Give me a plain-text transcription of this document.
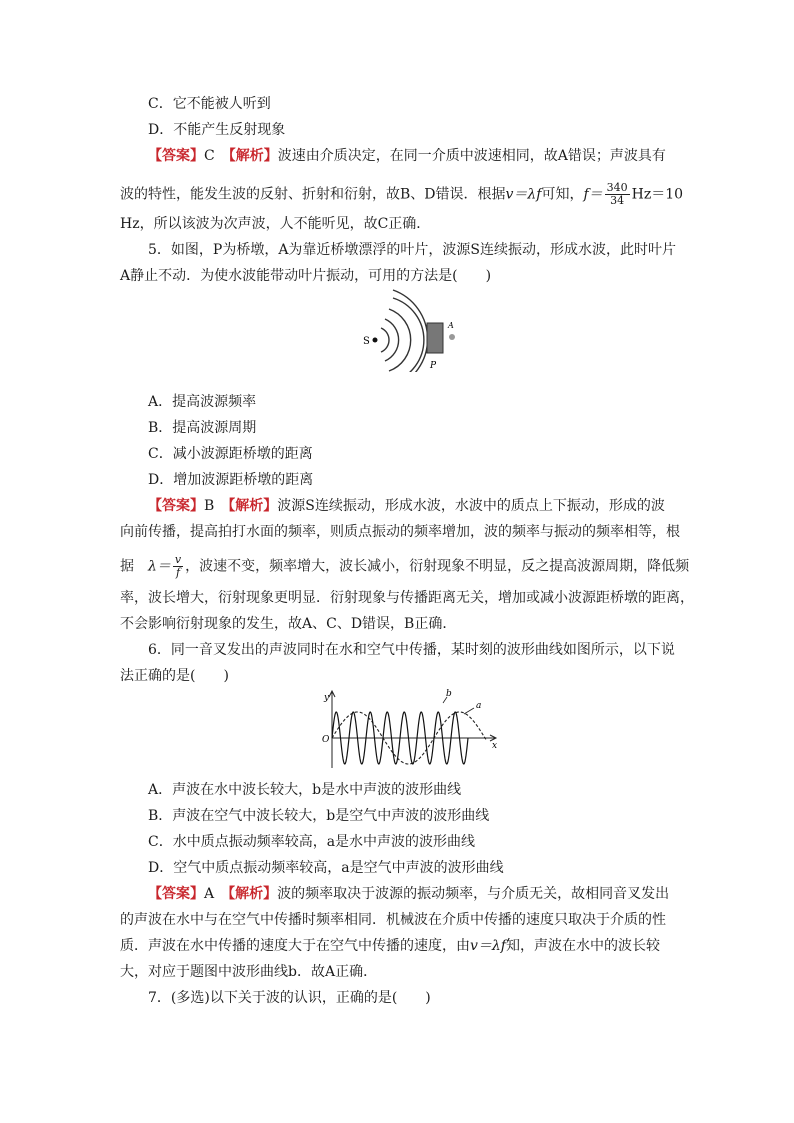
C．它不能被人听到
D．不能产生反射现象
【答案】C　 【解析】波速由介质决定，在同一介质中波速相同，故A错误；声波具有
波的特性，能发生波的反射、折射和衍射，故B、D错误．根据v＝λf可知，$f= \frac{340}{34} Hz=10$
Hz，所以该波为次声波，人不能听见，故C正确．
5．如图，P为桥墩，A为靠近桥墩漂浮的叶片，波源S连续振动，形成水波，此时叶片
A静止不动．为使水波能带动叶片振动，可用的方法是(　　)
S
P
A
A．提高波源频率
B．提高波源周期
C．减小波源距桥墩的距离
D．增加波源距桥墩的距离
【答案】B　 【解析】波源S连续振动，形成水波，水波中的质点上下振动，形成的波
向前传播，提高拍打水面的频率，则质点振动的频率增加，波的频率与振动的频率相等，根
据　 $\lambda= \frac{v}{f}$ ，波速不变，频率增大，波长减小，衍射现象不明显，反之提高波源周期，降低频
率，波长增大，衍射现象更明显．衍射现象与传播距离无关，增加或减小波源距桥墩的距离，
不会影响衍射现象的发生，故A、C、D错误，B正确．
6．同一音叉发出的声波同时在水和空气中传播，某时刻的波形曲线如图所示，以下说
法正确的是(　　)
y
x
O
b
a
A．声波在水中波长较大，b是水中声波的波形曲线
B．声波在空气中波长较大，b是空气中声波的波形曲线
C．水中质点振动频率较高，a是水中声波的波形曲线
D．空气中质点振动频率较高，a是空气中声波的波形曲线
【答案】A　 【解析】波的频率取决于波源的振动频率，与介质无关，故相同音叉发出
的声波在水中与在空气中传播时频率相同．机械波在介质中传播的速度只取决于介质的性
质．声波在水中传播的速度大于在空气中传播的速度，由v＝λf知，声波在水中的波长较
大，对应于题图中波形曲线b．故A正确．
7．(多选)以下关于波的认识，正确的是(　　)
